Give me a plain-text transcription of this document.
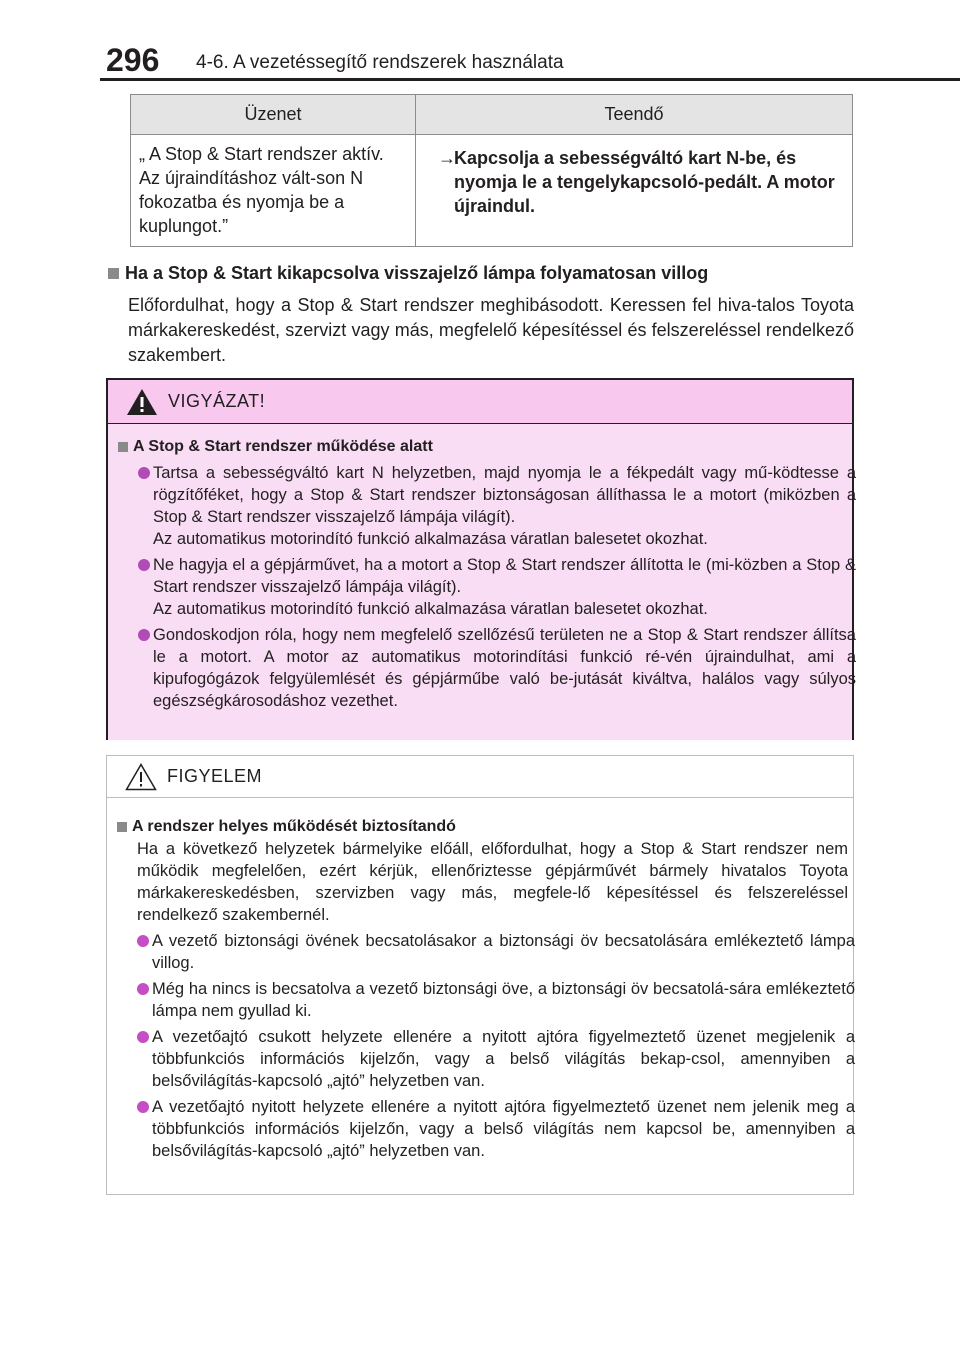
296 4-6. A vezetéssegítő rendszerek használata
Üzenet	Teendő
„ A Stop & Start rendszer aktív. Az újraindításhoz vált-son N fokozatba és nyomja be a kuplungot.”
→
Kapcsolja a sebességváltó kart N-be, és nyomja le a tengelykapcsoló-pedált. A motor újraindul.
Ha a Stop & Start kikapcsolva visszajelző lámpa folyamatosan villog
Előfordulhat, hogy a Stop & Start rendszer meghibásodott. Keressen fel hiva-talos Toyota márkakereskedést, szervizt vagy más, megfelelő képesítéssel és felszereléssel rendelkező szakembert.
VIGYÁZAT!
A Stop & Start rendszer működése alatt
Tartsa a sebességváltó kart N helyzetben, majd nyomja le a fékpedált vagy mű-ködtesse a rögzítőféket, hogy a Stop & Start rendszer biztonságosan állíthassa le a motort (miközben a Stop & Start rendszer visszajelző lámpája világít).
Az automatikus motorindító funkció alkalmazása váratlan balesetet okozhat.
Ne hagyja el a gépjárművet, ha a motort a Stop & Start rendszer állította le (mi-közben a Stop & Start rendszer visszajelző lámpája világít).
Az automatikus motorindító funkció alkalmazása váratlan balesetet okozhat.
Gondoskodjon róla, hogy nem megfelelő szellőzésű területen ne a Stop & Start rendszer állítsa le a motort. A motor az automatikus motorindítási funkció ré-vén újraindulhat, ami a kipufogógázok felgyülemlését és gépjárműbe való be-jutását kiváltva, halálos vagy súlyos egészségkárosodáshoz vezethet.
FIGYELEM
A rendszer helyes működését biztosítandó
Ha a következő helyzetek bármelyike előáll, előfordulhat, hogy a Stop & Start rendszer nem működik megfelelően, ezért kérjük, ellenőriztesse gépjárművét bármely hivatalos Toyota márkakereskedésben, szervizben vagy más, megfele-lő képesítéssel és felszereléssel rendelkező szakembernél.
A vezető biztonsági övének becsatolásakor a biztonsági öv becsatolására emlékeztető lámpa villog.
Még ha nincs is becsatolva a vezető biztonsági öve, a biztonsági öv becsatolá-sára emlékeztető lámpa nem gyullad ki.
A vezetőajtó csukott helyzete ellenére a nyitott ajtóra figyelmeztető üzenet megjelenik a többfunkciós információs kijelzőn, vagy a belső világítás bekap-csol, amennyiben a belsővilágítás-kapcsoló „ajtó” helyzetben van.
A vezetőajtó nyitott helyzete ellenére a nyitott ajtóra figyelmeztető üzenet nem jelenik meg a többfunkciós információs kijelzőn, vagy a belső világítás nem kapcsol be, amennyiben a belsővilágítás-kapcsoló „ajtó” helyzetben van.
